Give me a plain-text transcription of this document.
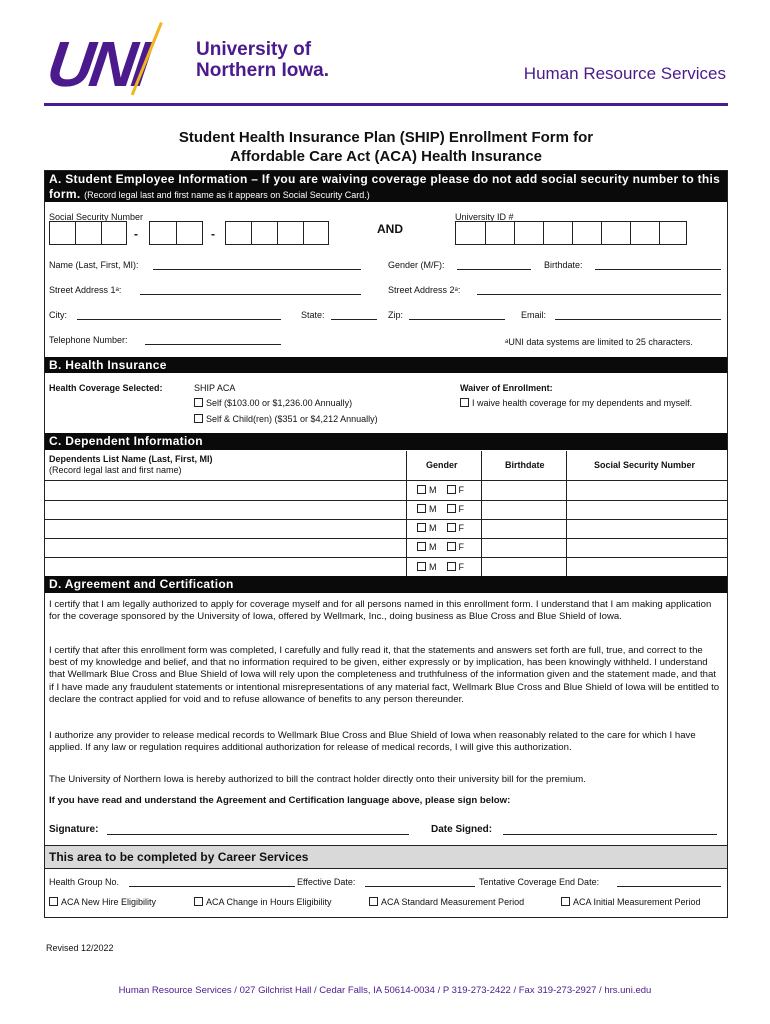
UNI University of
Northern Iowa.	Human Resource Services
Student Health Insurance Plan (SHIP) Enrollment Form for
Affordable Care Act (ACA) Health Insurance
A. Student Employee Information – If you are waiving coverage please do not add social security number to this
form. (Record legal last and first name as it appears on Social Security Card.)
Social Security Number
-	-	AND
University ID #
Name (Last, First, MI):	Gender (M/F):	Birthdate:
Street Address 1ᵃ:	Street Address 2ᵃ:
City:	State:	Zip:	Email:
Telephone Number:	ᵃUNI data systems are limited to 25 characters.
B. Health Insurance
Health Coverage Selected:	SHIP ACA
Self ($103.00 or $1,236.00 Annually)
Self & Child(ren) ($351 or $4,212 Annually)
Waiver of Enrollment:
I waive health coverage for my dependents and myself.
C. Dependent Information
Dependents List Name (Last, First, MI)
(Record legal last and first name)	Gender	Birthdate	Social Security Number
M F
M F
M F
M F
M F
D. Agreement and Certification
I certify that I am legally authorized to apply for coverage myself and for all persons named in this enrollment form. I understand that I am making application for the coverage sponsored by the University of Iowa, offered by Wellmark, Inc., doing business as Blue Cross and Blue Shield of Iowa.
I certify that after this enrollment form was completed, I carefully and fully read it, that the statements and answers set forth are full, true, and correct to the best of my knowledge and belief, and that no information required to be given, either expressly or by implication, has been knowingly withheld. I understand that Wellmark Blue Cross and Blue Shield of Iowa will rely upon the completeness and truthfulness of the information given and the statement made, and that if I have made any fraudulent statements or intentional misrepresentations of any material fact, Wellmark Blue Cross and Blue Shield of Iowa will be entitled to declare the contract applied for void and to refuse allowance of benefits to any person thereunder.
I authorize any provider to release medical records to Wellmark Blue Cross and Blue Shield of Iowa when reasonably related to the care for which I have applied. If any law or regulation requires additional authorization for release of medical records, I will give this authorization.
The University of Northern Iowa is hereby authorized to bill the contract holder directly onto their university bill for the premium.
If you have read and understand the Agreement and Certification language above, please sign below:
Signature:	Date Signed:
This area to be completed by Career Services
Health Group No.	Effective Date:	Tentative Coverage End Date:
ACA New Hire Eligibility	ACA Change in Hours Eligibility	ACA Standard Measurement Period	ACA Initial Measurement Period
Revised 12/2022
Human Resource Services / 027 Gilchrist Hall / Cedar Falls, IA 50614-0034 / P 319-273-2422 / Fax 319-273-2927 / hrs.uni.edu
